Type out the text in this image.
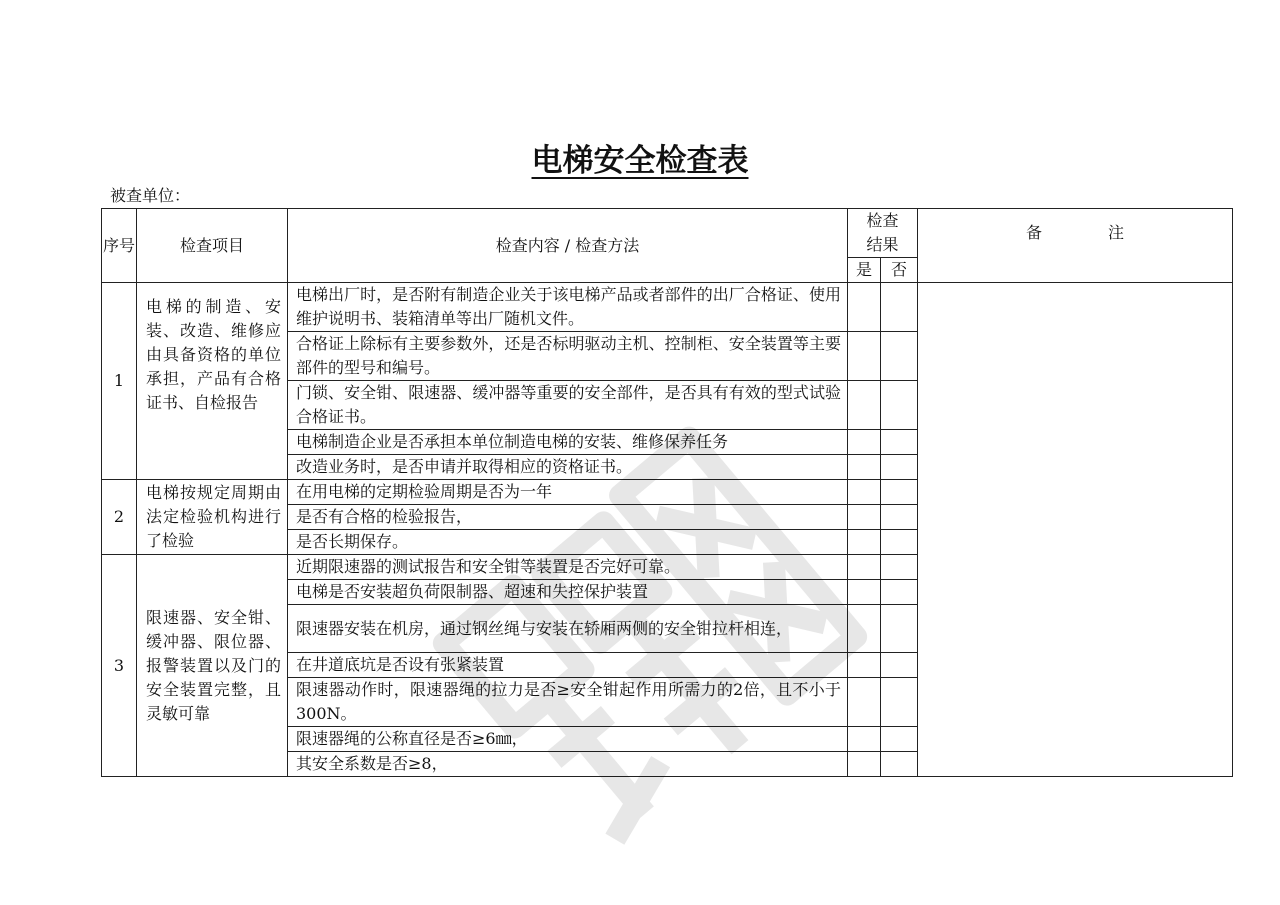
电梯安全检查表
被查单位：
序号	检查项目	检查内容 / 检查方法	检查结果		备 注
			是	否	
1	电梯的制造、安装、改造、维修应由具备资格的单位承担，产品有合格证书、自检报告	电梯出厂时，是否附有制造企业关于该电梯产品或者部件的出厂合格证、使用维护说明书、装箱清单等出厂随机文件。			
		合格证上除标有主要参数外，还是否标明驱动主机、控制柜、安全装置等主要部件的型号和编号。			
		门锁、安全钳、限速器、缓冲器等重要的安全部件，是否具有有效的型式试验合格证书。			
		电梯制造企业是否承担本单位制造电梯的安装、维修保养任务			
		改造业务时，是否申请并取得相应的资格证书。			
2	电梯按规定周期由法定检验机构进行了检验	在用电梯的定期检验周期是否为一年			
		是否有合格的检验报告，			
		是否长期保存。			
3	限速器、安全钳、缓冲器、限位器、报警装置以及门的安全装置完整，且灵敏可靠	近期限速器的测试报告和安全钳等装置是否完好可靠。			
		电梯是否安装超负荷限制器、超速和失控保护装置			
		限速器安装在机房，通过钢丝绳与安装在轿厢两侧的安全钳拉杆相连，			
		在井道底坑是否设有张紧装置			
		限速器动作时，限速器绳的拉力是否≥安全钳起作用所需力的2倍，且不小于300N。			
		限速器绳的公称直径是否≥6㎜，			
		其安全系数是否≥8，			
